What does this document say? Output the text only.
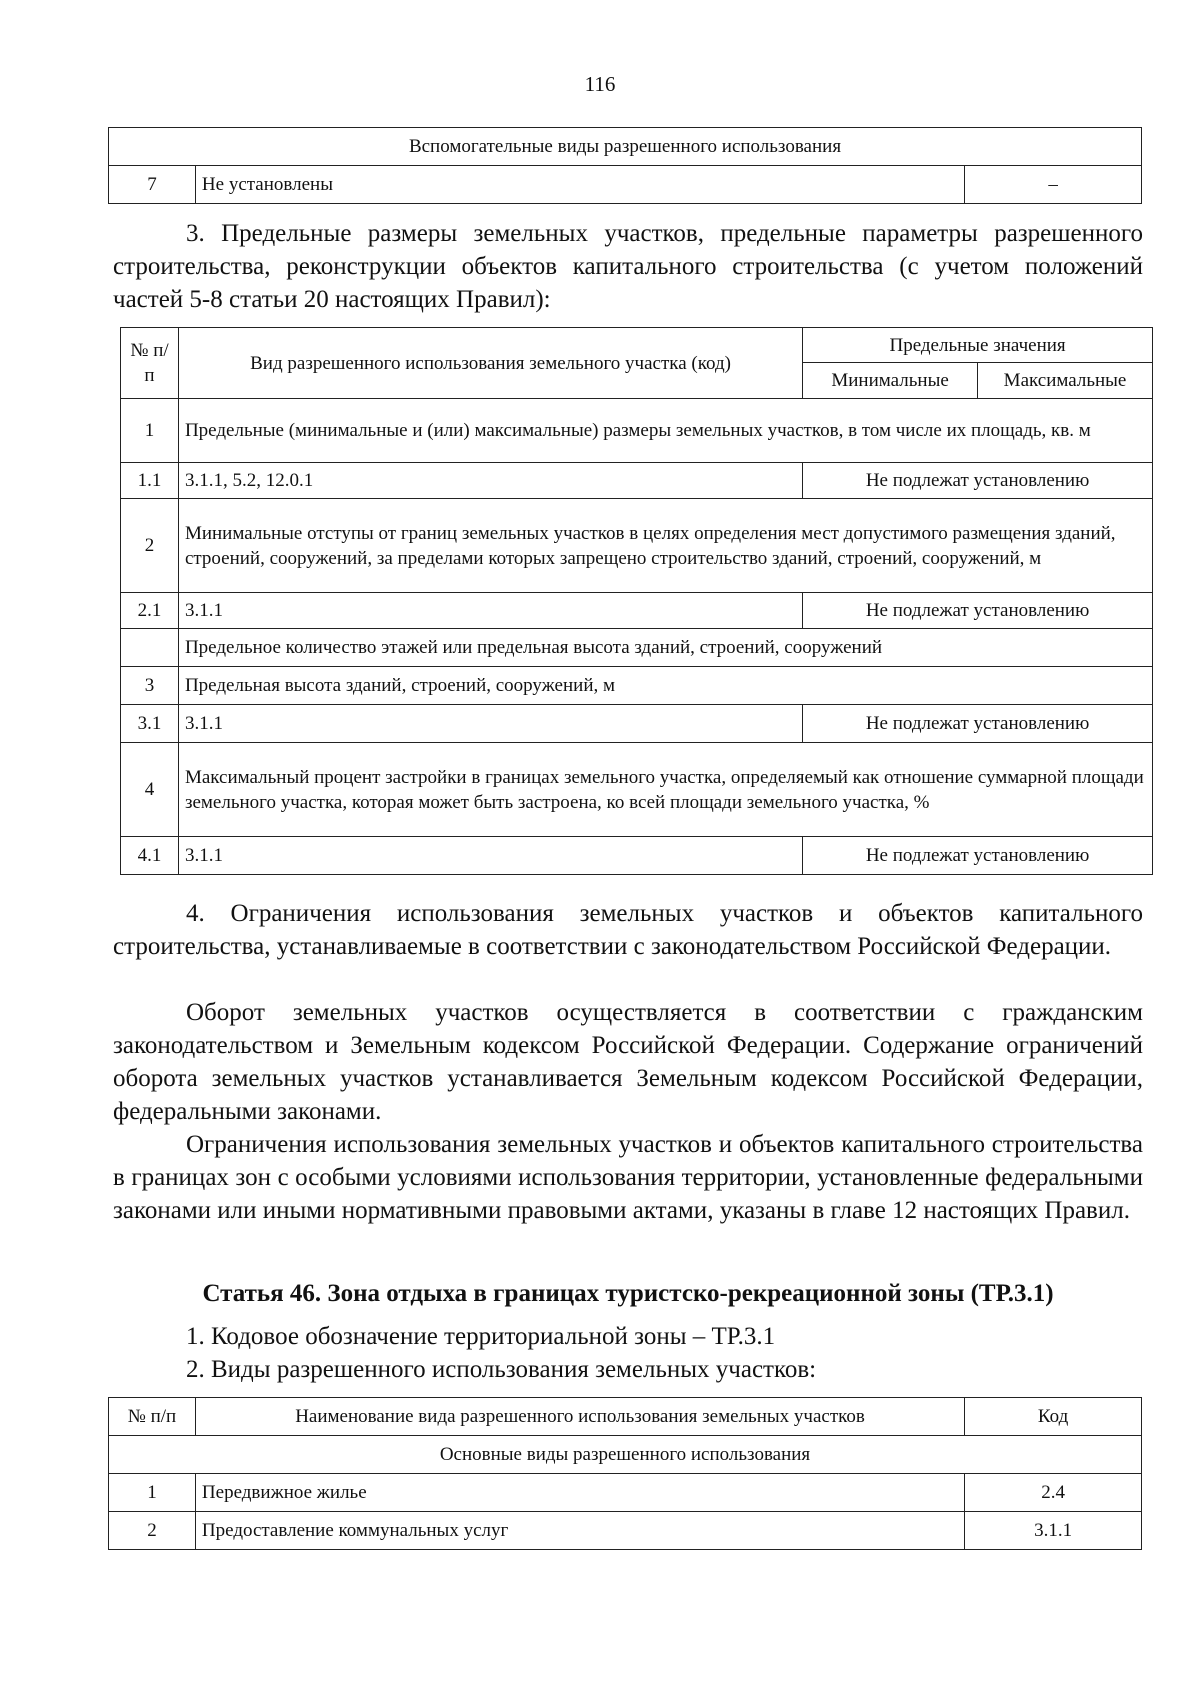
116
Вспомогательные виды разрешенного использования
7	Не установлены	–

3. Предельные размеры земельных участков, предельные параметры разрешенного строительства, реконструкции объектов капитального строительства (с учетом положений частей 5-8 статьи 20 настоящих Правил):

№ п/п	Вид разрешенного использования земельного участка (код)	Предельные значения	
		Минимальные	Максимальные
1	Предельные (минимальные и (или) максимальные) размеры земельных участков, в том числе их площадь, кв. м		
1.1	3.1.1, 5.2, 12.0.1	Не подлежат установлению	
2	Минимальные отступы от границ земельных участков в целях определения мест допустимого размещения зданий, строений, сооружений, за пределами которых запрещено строительство зданий, строений, сооружений, м		
2.1	3.1.1	Не подлежат установлению	
	Предельное количество этажей или предельная высота зданий, строений, сооружений		
3	Предельная высота зданий, строений, сооружений, м		
3.1	3.1.1	Не подлежат установлению	
4	Максимальный процент застройки в границах земельного участка, определяемый как отношение суммарной площади земельного участка, которая может быть застроена, ко всей площади земельного участка, %		
4.1	3.1.1	Не подлежат установлению	

4. Ограничения использования земельных участков и объектов капитального строительства, устанавливаемые в соответствии с законодательством Российской Федерации.

Оборот земельных участков осуществляется в соответствии с гражданским законодательством и Земельным кодексом Российской Федерации. Содержание ограничений оборота земельных участков устанавливается Земельным кодексом Российской Федерации, федеральными законами.

Ограничения использования земельных участков и объектов капитального строительства в границах зон с особыми условиями использования территории, установленные федеральными законами или иными нормативными правовыми актами, указаны в главе 12 настоящих Правил.

Статья 46. Зона отдыха в границах туристско-рекреационной зоны (ТР.3.1)

1. Кодовое обозначение территориальной зоны – ТР.3.1

2. Виды разрешенного использования земельных участков:

№ п/п	Наименование вида разрешенного использования земельных участков	Код
Основные виды разрешенного использования		
1	Передвижное жилье	2.4
2	Предоставление коммунальных услуг	3.1.1
